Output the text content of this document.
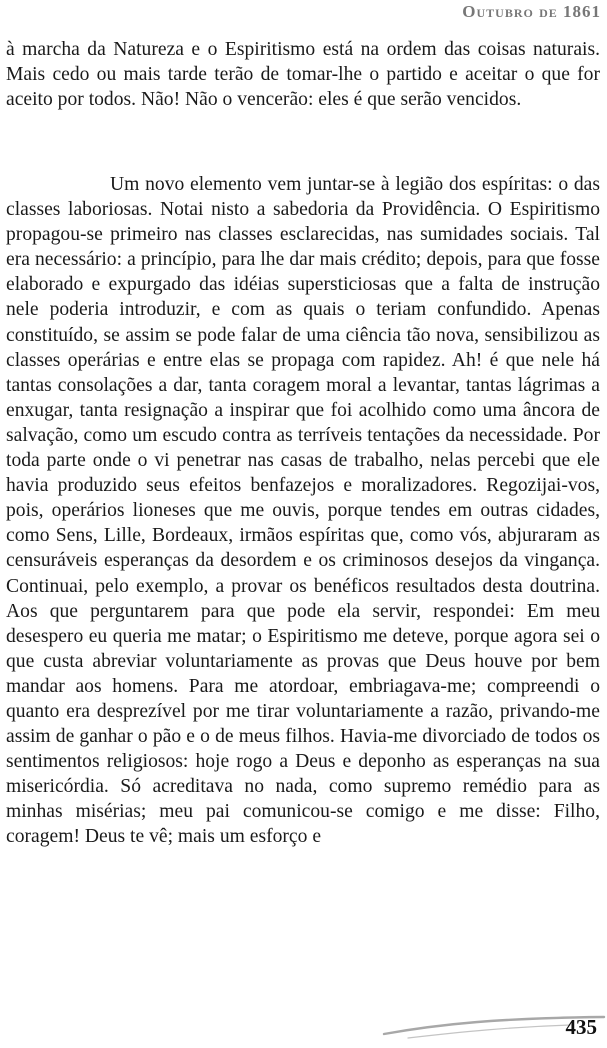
Outubro de 1861
à marcha da Natureza e o Espiritismo está na ordem das coisas naturais. Mais cedo ou mais tarde terão de tomar-lhe o partido e aceitar o que for aceito por todos. Não! Não o vencerão: eles é que serão vencidos.
Um novo elemento vem juntar-se à legião dos espíritas: o das classes laboriosas. Notai nisto a sabedoria da Providência. O Espiritismo propagou-se primeiro nas classes esclarecidas, nas sumidades sociais. Tal era necessário: a princípio, para lhe dar mais crédito; depois, para que fosse elaborado e expurgado das idéias supersticiosas que a falta de instrução nele poderia introduzir, e com as quais o teriam confundido. Apenas constituído, se assim se pode falar de uma ciência tão nova, sensibilizou as classes operárias e entre elas se propaga com rapidez. Ah! é que nele há tantas consolações a dar, tanta coragem moral a levantar, tantas lágrimas a enxugar, tanta resignação a inspirar que foi acolhido como uma âncora de salvação, como um escudo contra as terríveis tentações da necessidade. Por toda parte onde o vi penetrar nas casas de trabalho, nelas percebi que ele havia produzido seus efeitos benfazejos e moralizadores. Regozijai-vos, pois, operários lioneses que me ouvis, porque tendes em outras cidades, como Sens, Lille, Bordeaux, irmãos espíritas que, como vós, abjuraram as censuráveis esperanças da desordem e os criminosos desejos da vingança. Continuai, pelo exemplo, a provar os benéficos resultados desta doutrina. Aos que perguntarem para que pode ela servir, respondei: Em meu desespero eu queria me matar; o Espiritismo me deteve, porque agora sei o que custa abreviar voluntariamente as provas que Deus houve por bem mandar aos homens. Para me atordoar, embriagava-me; compreendi o quanto era desprezível por me tirar voluntariamente a razão, privando-me assim de ganhar o pão e o de meus filhos. Havia-me divorciado de todos os sentimentos religiosos: hoje rogo a Deus e deponho as esperanças na sua misericórdia. Só acreditava no nada, como supremo remédio para as minhas misérias; meu pai comunicou-se comigo e me disse: Filho, coragem! Deus te vê; mais um esforço e
435
